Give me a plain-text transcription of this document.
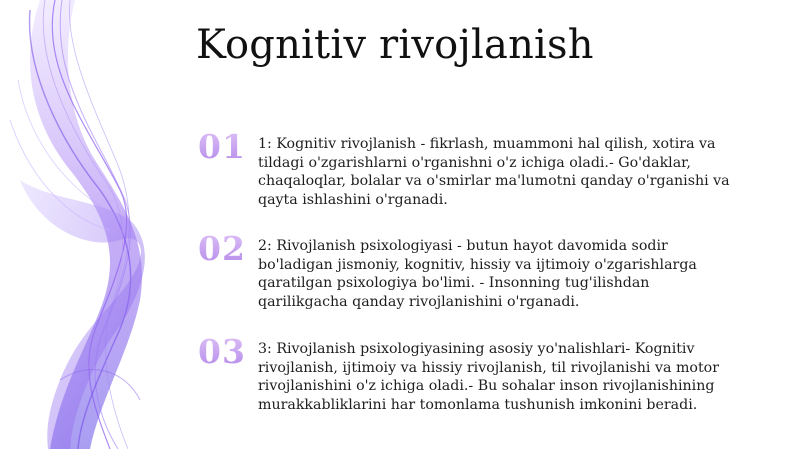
Kognitiv rivojlanish
01 1: Kognitiv rivojlanish - fikrlash, muammoni hal qilish, xotira va tildagi o'zgarishlarni o'rganishni o'z ichiga oladi.- Go'daklar, chaqaloqlar, bolalar va o'smirlar ma'lumotni qanday o'rganishi va qayta ishlashini o'rganadi.
02 2: Rivojlanish psixologiyasi - butun hayot davomida sodir bo'ladigan jismoniy, kognitiv, hissiy va ijtimoiy o'zgarishlarga qaratilgan psixologiya bo'limi. - Insonning tug'ilishdan qarilikgacha qanday rivojlanishini o'rganadi.
03 3: Rivojlanish psixologiyasining asosiy yo'nalishlari- Kognitiv rivojlanish, ijtimoiy va hissiy rivojlanish, til rivojlanishi va motor rivojlanishini o'z ichiga oladi.- Bu sohalar inson rivojlanishining murakkabliklarini har tomonlama tushunish imkonini beradi.
